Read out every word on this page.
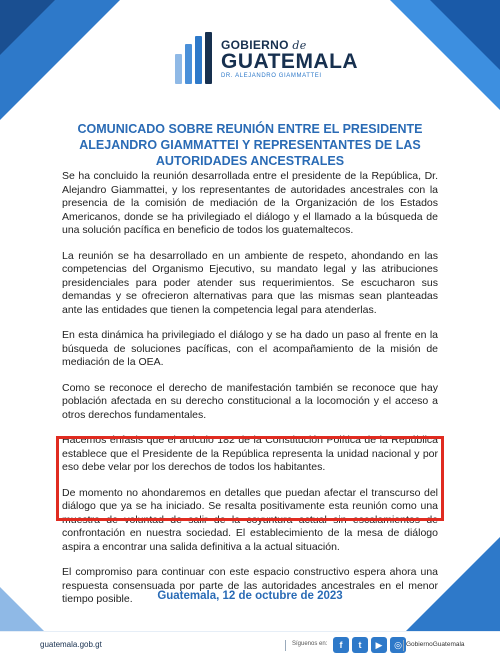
GOBIERNO de
GUATEMALA
DR. ALEJANDRO GIAMMATTEI
COMUNICADO SOBRE REUNIÓN ENTRE EL PRESIDENTE ALEJANDRO GIAMMATTEI Y REPRESENTANTES DE LAS AUTORIDADES ANCESTRALES

Se ha concluido la reunión desarrollada entre el presidente de la República, Dr. Alejandro Giammattei, y los representantes de autoridades ancestrales con la presencia de la comisión de mediación de la Organización de los Estados Americanos, donde se ha privilegiado el diálogo y el llamado a la búsqueda de una solución pacífica en beneficio de todos los guatemaltecos.

La reunión se ha desarrollado en un ambiente de respeto, ahondando en las competencias del Organismo Ejecutivo, su mandato legal y las atribuciones presidenciales para poder atender sus requerimientos. Se escucharon sus demandas y se ofrecieron alternativas para que las mismas sean planteadas ante las entidades que tienen la competencia legal para atenderlas.

En esta dinámica ha privilegiado el diálogo y se ha dado un paso al frente en la búsqueda de soluciones pacíficas, con el acompañamiento de la misión de mediación de la OEA.

Como se reconoce el derecho de manifestación también se reconoce que hay población afectada en su derecho constitucional a la locomoción y el acceso a otros derechos fundamentales.

Hacemos énfasis que el artículo 182 de la Constitución Política de la República establece que el Presidente de la República representa la unidad nacional y por eso debe velar por los derechos de todos los habitantes.

De momento no ahondaremos en detalles que puedan afectar el transcurso del diálogo que ya se ha iniciado. Se resalta positivamente esta reunión como una muestra de voluntad de salir de la coyuntura actual sin escalamientos de confrontación en nuestra sociedad. El establecimiento de la mesa de diálogo aspira a encontrar una salida definitiva a la actual situación.

El compromiso para continuar con este espacio constructivo espera ahora una respuesta consensuada por parte de las autoridades ancestrales en el menor tiempo posible.	Guatemala, 12 de octubre de 2023
guatemala.gob.gt	Síguenos en:	f	t	▶	◎ GobiernoGuatemala
